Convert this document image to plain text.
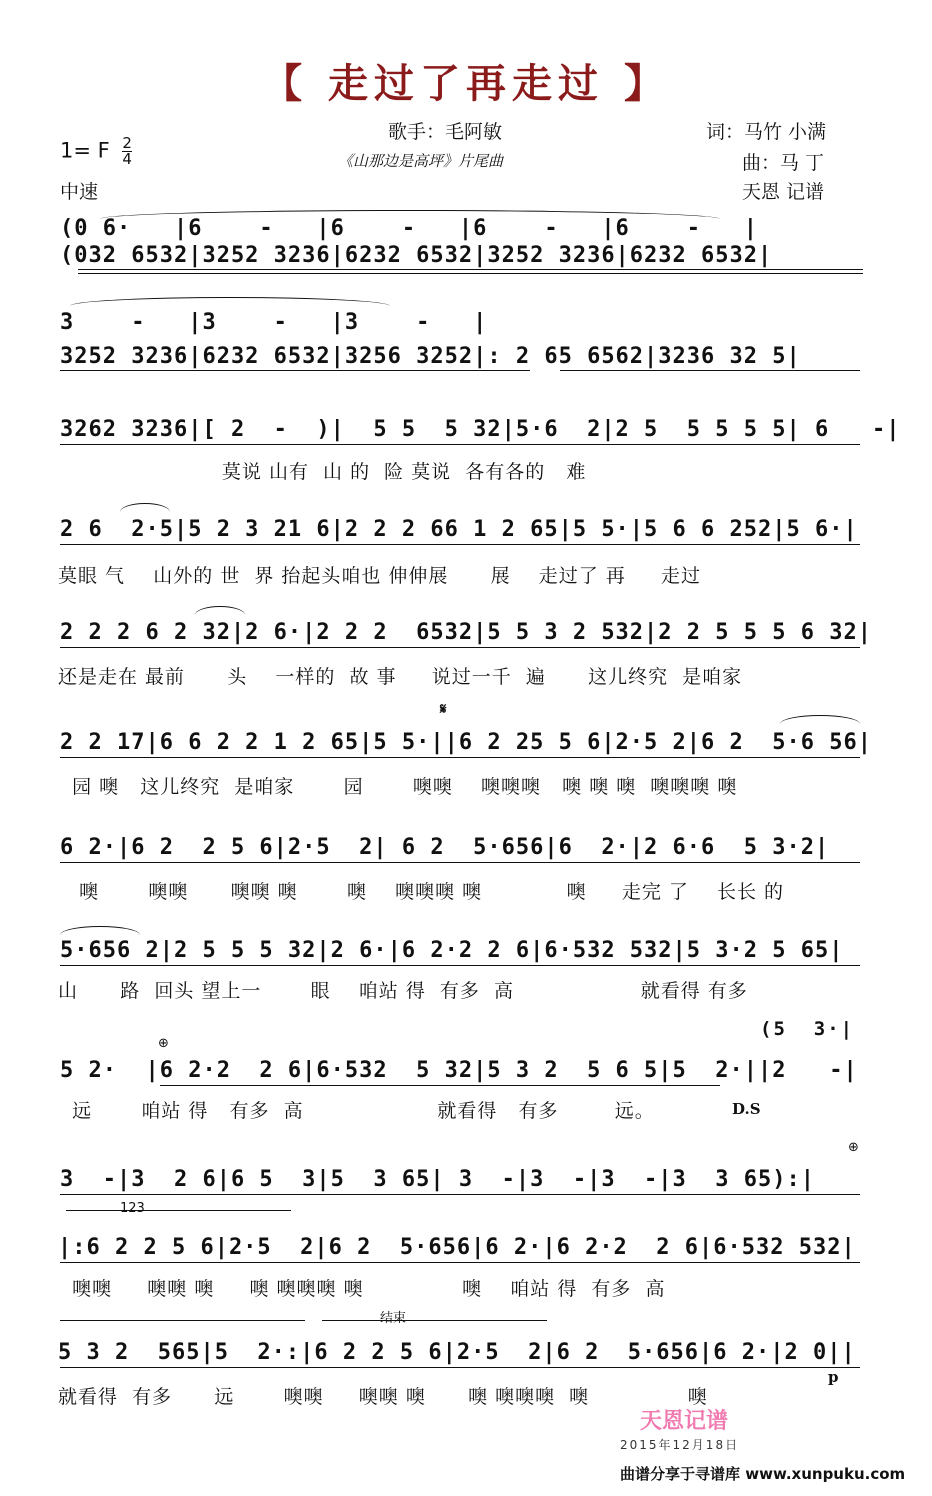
【 走过了再走过 】
1= F $\frac{2}{4}$
中速
歌手：毛阿敏
《山那边是高坪》片尾曲
词：马竹 小满
曲：马 丁
天恩 记谱
(0 6·   |6    -   |6    -   |6    -   |6    -   |
(032 6532|3252 3236|6232 6532|3252 3236|6232 6532|
3    -   |3    -   |3    -   |
3252 3236|6232 6532|3256 3252|: 2 65 6562|3236 32 5|
3262 3236|[ 2  -  )|  5 5  5 32|5·6  2|2 5  5 5 5 5| 6   -|
莫说 山有  山 的  险 莫说  各有各的   难
2 6  2·5|5 2 3 21 6|2 2 2 66 1 2 65|5 5·|5 6 6 252|5 6·|
莫眼 气    山外的 世  界 抬起头咱也 伸伸展      展    走过了 再     走过
2 2 2 6 2 32|2 6·|2 2 2  6532|5 5 3 2 532|2 2 5 5 5 6 32|
还是走在 最前      头    一样的  故 事     说过一千  遍      这儿终究  是咱家
𝄋
2 2 17|6 6 2 2 1 2 65|5 5·||6 2 25 5 6|2·5 2|6 2  5·6 56|
园 噢   这儿终究  是咱家       园       噢噢    噢噢噢   噢 噢 噢  噢噢噢 噢
6 2·|6 2  2 5 6|2·5  2| 6 2  5·656|6  2·|2 6·6  5 3·2|
噢       噢噢      噢噢 噢       噢    噢噢噢 噢            噢     走完 了    长长 的
5·656 2|2 5 5 5 32|2 6·|6 2·2 2 6|6·532 532|5 3·2 5 65|
山      路  回头 望上一       眼    咱站 得  有多  高                  就看得 有多
(5  3·|
⊕
5 2·  |6 2·2  2 6|6·532  5 32|5 3 2  5 6 5|5  2·||2   -|
远       咱站 得   有多  高                   就看得   有多        远。	D.S
⊕
3  -|3  2 6|6 5  3|5  3 65| 3  -|3  -|3  -|3  3 65):|
123
|:6 2 2 5 6|2·5  2|6 2  5·656|6 2·|6 2·2  2 6|6·532 532|
噢噢     噢噢 噢     噢 噢噢噢 噢              噢    咱站 得  有多  高
结束
5 3 2  565|5  2·:|6 2 2 5 6|2·5  2|6 2  5·656|6 2·|2 0||
就看得  有多      远       噢噢     噢噢 噢      噢 噢噢噢  噢              噢
p
天恩记谱
2015年12月18日
曲谱分享于寻谱库 www.xunpuku.com
